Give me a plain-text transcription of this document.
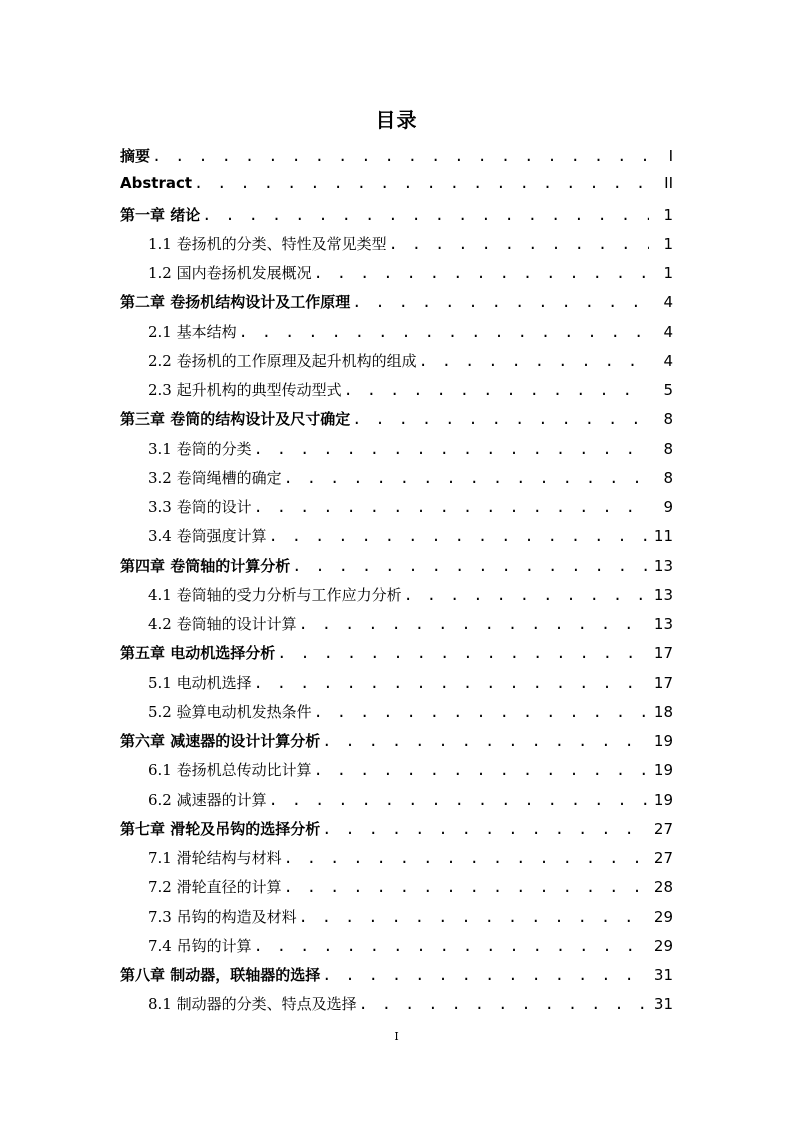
目录
摘要 . . .	I
Abstract . . .	II
第一章 绪论 . . .	1
1.1 卷扬机的分类、特性及常见类型 . . .	1
1.2 国内卷扬机发展概况 . . .	1
第二章 卷扬机结构设计及工作原理 . . .	4
2.1 基本结构 . . .	4
2.2 卷扬机的工作原理及起升机构的组成 . . .	4
2.3 起升机构的典型传动型式 . . .	5
第三章 卷筒的结构设计及尺寸确定 . . .	8
3.1 卷筒的分类 . . .	8
3.2 卷筒绳槽的确定 . . .	8
3.3 卷筒的设计 . . .	9
3.4 卷筒强度计算 . . .	11
第四章 卷筒轴的计算分析 . . .	13
4.1 卷筒轴的受力分析与工作应力分析 . . .	13
4.2 卷筒轴的设计计算 . . .	13
第五章 电动机选择分析 . . .	17
5.1 电动机选择 . . .	17
5.2 验算电动机发热条件 . . .	18
第六章 减速器的设计计算分析 . . .	19
6.1 卷扬机总传动比计算 . . .	19
6.2 减速器的计算 . . .	19
第七章 滑轮及吊钩的选择分析 . . .	27
7.1 滑轮结构与材料 . . .	27
7.2 滑轮直径的计算 . . .	28
7.3 吊钩的构造及材料 . . .	29
7.4 吊钩的计算 . . .	29
第八章 制动器，联轴器的选择 . . .	31
8.1 制动器的分类、特点及选择 . . .	31
I
